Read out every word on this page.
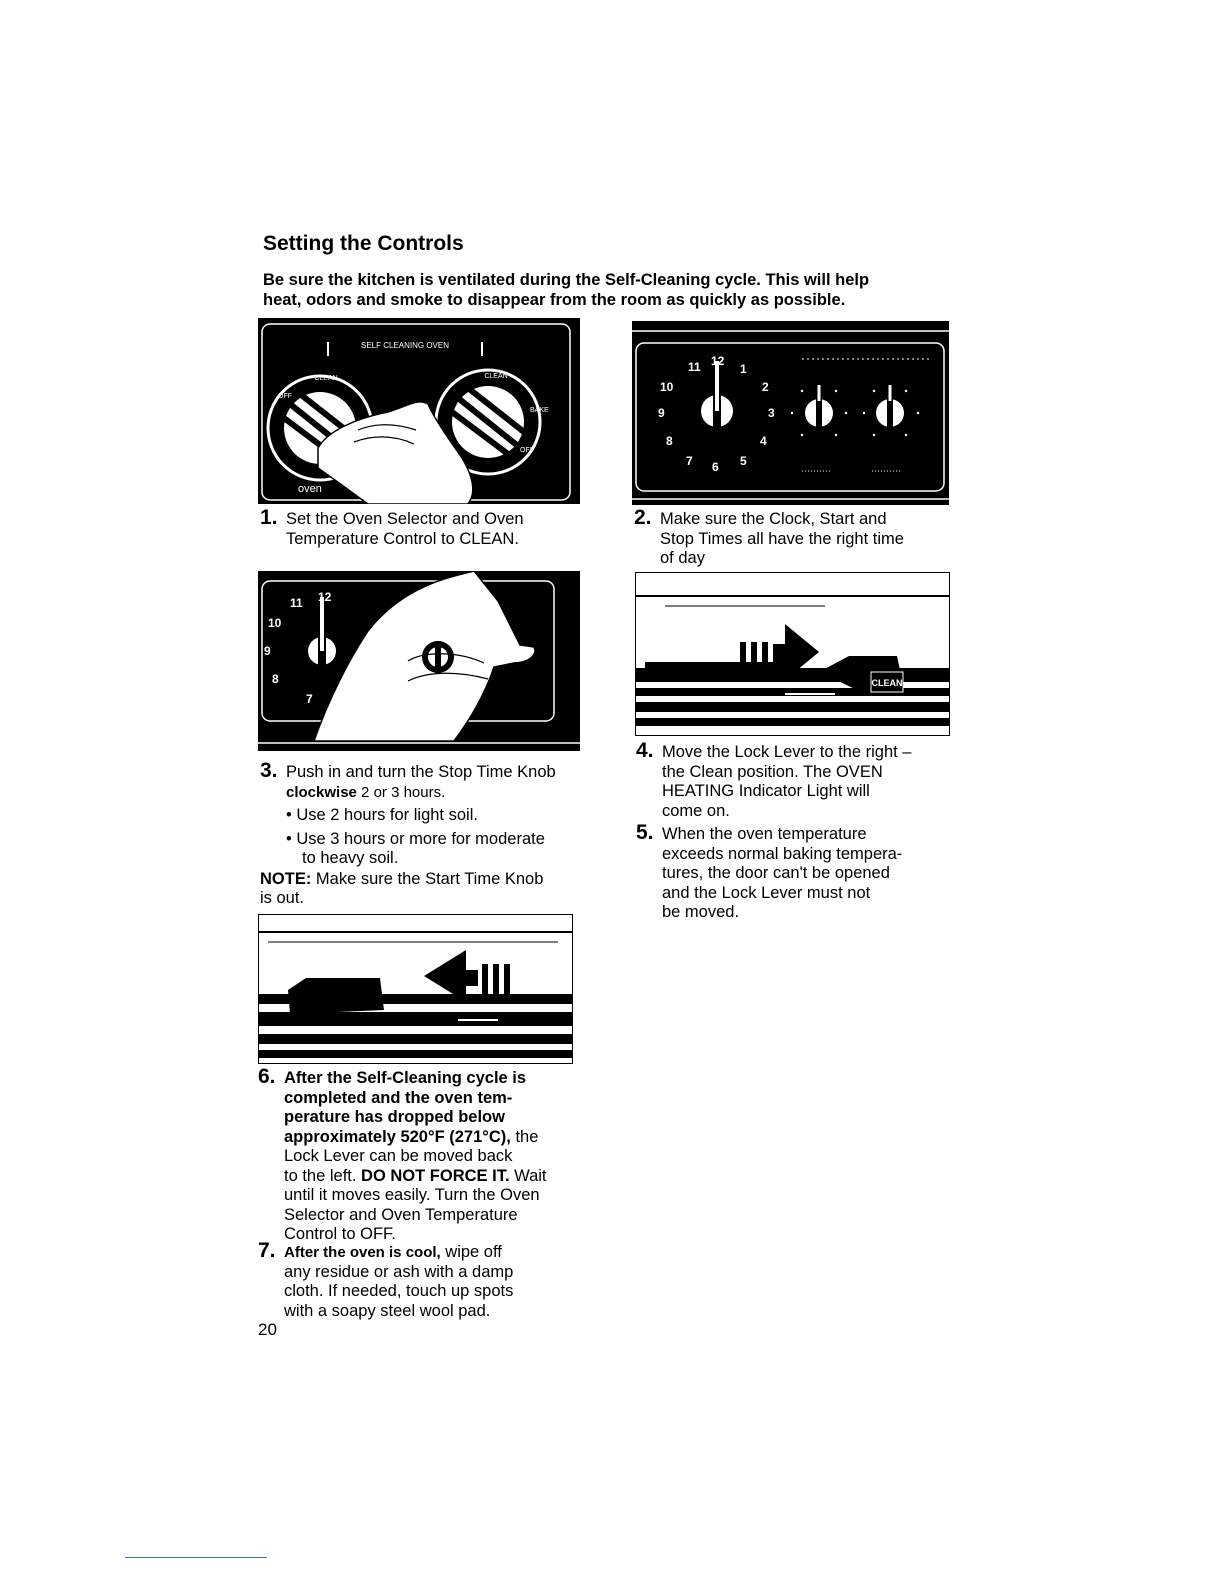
Setting the Controls

Be sure the kitchen is ventilated during the Self-Cleaning cycle. This will help
heat, odors and smoke to disappear from the room as quickly as possible.

SELF CLEANING OVEN
CLEAN
OFF
CLEAN
BAKE
OFF
oven
11 12
1
2
3
4
5
6
7
8
9
10
1. Set the Oven Selector and Oven
Temperature Control to CLEAN.
2. Make sure the Clock, Start and
Stop Times all have the right time
of day
11 12
10
9
8
7
CLEAN
3. Push in and turn the Stop Time Knob
clockwise 2 or 3 hours.
• Use 2 hours for light soil.
• Use 3 hours or more for moderate
to heavy soil.
NOTE: Make sure the Start Time Knob
is out.
4. Move the Lock Lever to the right –
the Clean position. The OVEN
HEATING Indicator Light will
come on.
5. When the oven temperature
exceeds normal baking tempera-
tures, the door can't be opened
and the Lock Lever must not
be moved.
6. After the Self-Cleaning cycle is
completed and the oven tem-
perature has dropped below
approximately 520°F (271°C), the
Lock Lever can be moved back
to the left. DO NOT FORCE IT. Wait
until it moves easily. Turn the Oven
Selector and Oven Temperature
Control to OFF.
7. After the oven is cool, wipe off
any residue or ash with a damp
cloth. If needed, touch up spots
with a soapy steel wool pad.
20
